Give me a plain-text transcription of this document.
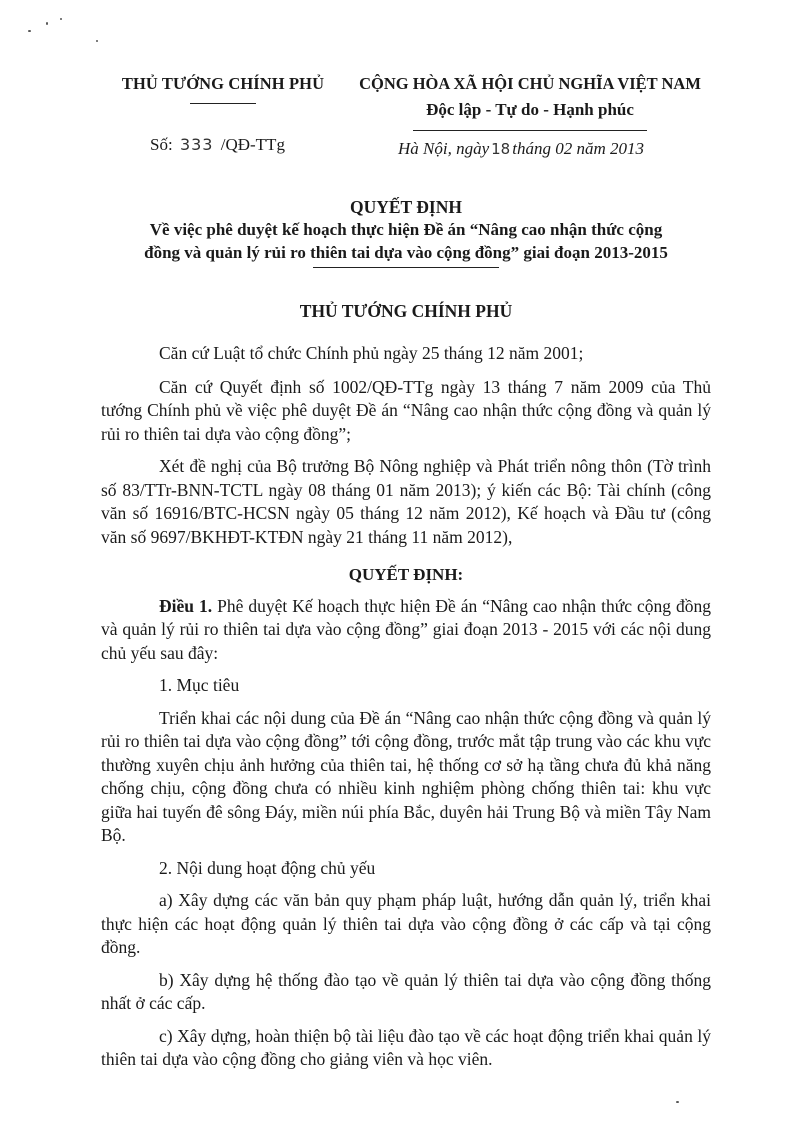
THỦ TƯỚNG CHÍNH PHỦ	CỘNG HÒA XÃ HỘI CHỦ NGHĨA VIỆT NAM
Độc lập - Tự do - Hạnh phúc
Số: 333 /QĐ-TTg	Hà Nội, ngày 18 tháng 02 năm 2013
QUYẾT ĐỊNH
Về việc phê duyệt kế hoạch thực hiện Đề án “Nâng cao nhận thức cộng
đồng và quản lý rủi ro thiên tai dựa vào cộng đồng” giai đoạn 2013-2015
THỦ TƯỚNG CHÍNH PHỦ

Căn cứ Luật tổ chức Chính phủ ngày 25 tháng 12 năm 2001;

Căn cứ Quyết định số 1002/QĐ-TTg ngày 13 tháng 7 năm 2009 của Thủ tướng Chính phủ về việc phê duyệt Đề án “Nâng cao nhận thức cộng đồng và quản lý rủi ro thiên tai dựa vào cộng đồng”;

Xét đề nghị của Bộ trưởng Bộ Nông nghiệp và Phát triển nông thôn (Tờ trình số 83/TTr-BNN-TCTL ngày 08 tháng 01 năm 2013); ý kiến các Bộ: Tài chính (công văn số 16916/BTC-HCSN ngày 05 tháng 12 năm 2012), Kế hoạch và Đầu tư (công văn số 9697/BKHĐT-KTĐN ngày 21 tháng 11 năm 2012),

QUYẾT ĐỊNH:

Điều 1. Phê duyệt Kế hoạch thực hiện Đề án “Nâng cao nhận thức cộng đồng và quản lý rủi ro thiên tai dựa vào cộng đồng” giai đoạn 2013 - 2015 với các nội dung chủ yếu sau đây:

1. Mục tiêu

Triển khai các nội dung của Đề án “Nâng cao nhận thức cộng đồng và quản lý rủi ro thiên tai dựa vào cộng đồng” tới cộng đồng, trước mắt tập trung vào các khu vực thường xuyên chịu ảnh hưởng của thiên tai, hệ thống cơ sở hạ tầng chưa đủ khả năng chống chịu, cộng đồng chưa có nhiều kinh nghiệm phòng chống thiên tai: khu vực giữa hai tuyến đê sông Đáy, miền núi phía Bắc, duyên hải Trung Bộ và miền Tây Nam Bộ.

2. Nội dung hoạt động chủ yếu

a) Xây dựng các văn bản quy phạm pháp luật, hướng dẫn quản lý, triển khai thực hiện các hoạt động quản lý thiên tai dựa vào cộng đồng ở các cấp và tại cộng đồng.

b) Xây dựng hệ thống đào tạo về quản lý thiên tai dựa vào cộng đồng thống nhất ở các cấp.

c) Xây dựng, hoàn thiện bộ tài liệu đào tạo về các hoạt động triển khai quản lý thiên tai dựa vào cộng đồng cho giảng viên và học viên.
